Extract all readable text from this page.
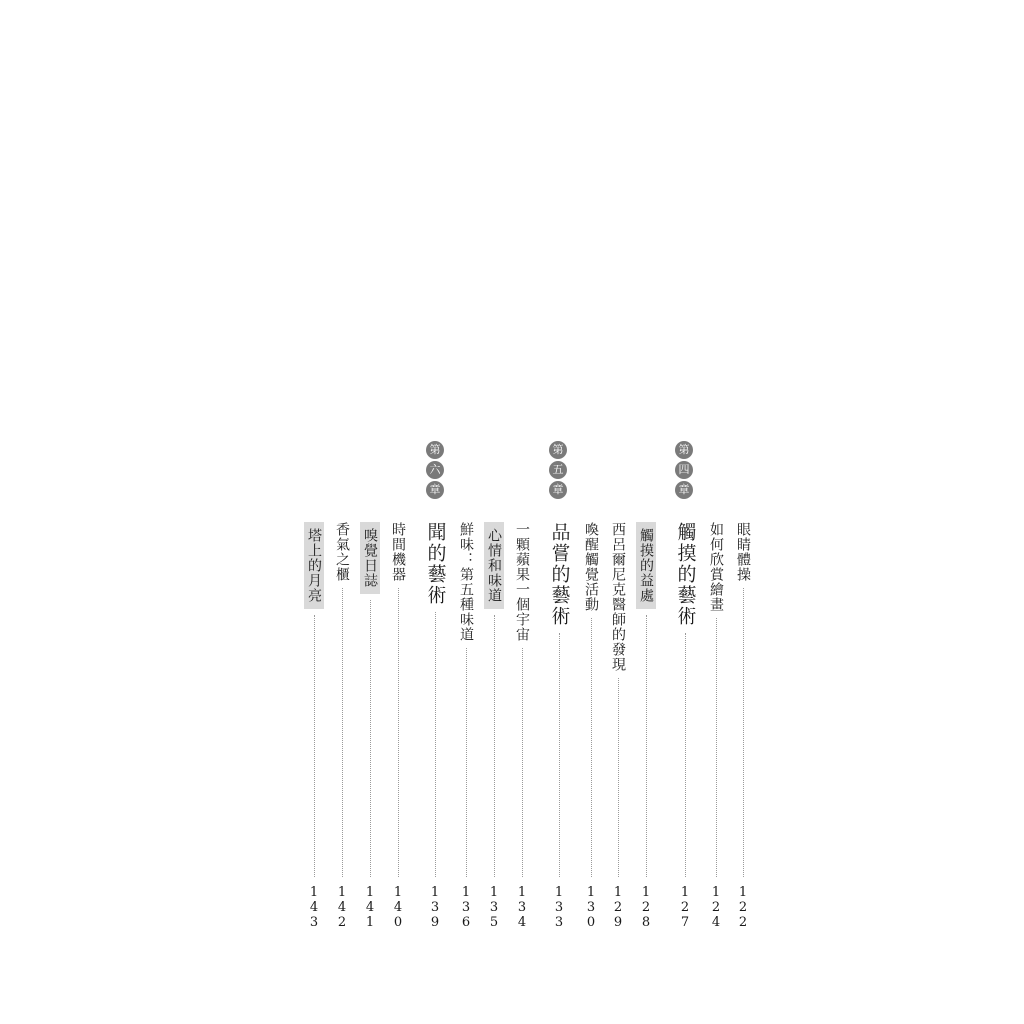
第
四
章
第
五
章
第
六
章
眼睛體操
122
如何欣賞繪畫
124
觸摸的藝術
127
觸摸的益處
128
西呂爾尼克醫師的發現
129
喚醒觸覺活動
130
品嘗的藝術
133
一顆蘋果一個宇宙
134
心情和味道
135
鮮味：第五種味道
136
聞的藝術
139
時間機器
140
嗅覺日誌
141
香氣之櫃
142
塔上的月亮
143
